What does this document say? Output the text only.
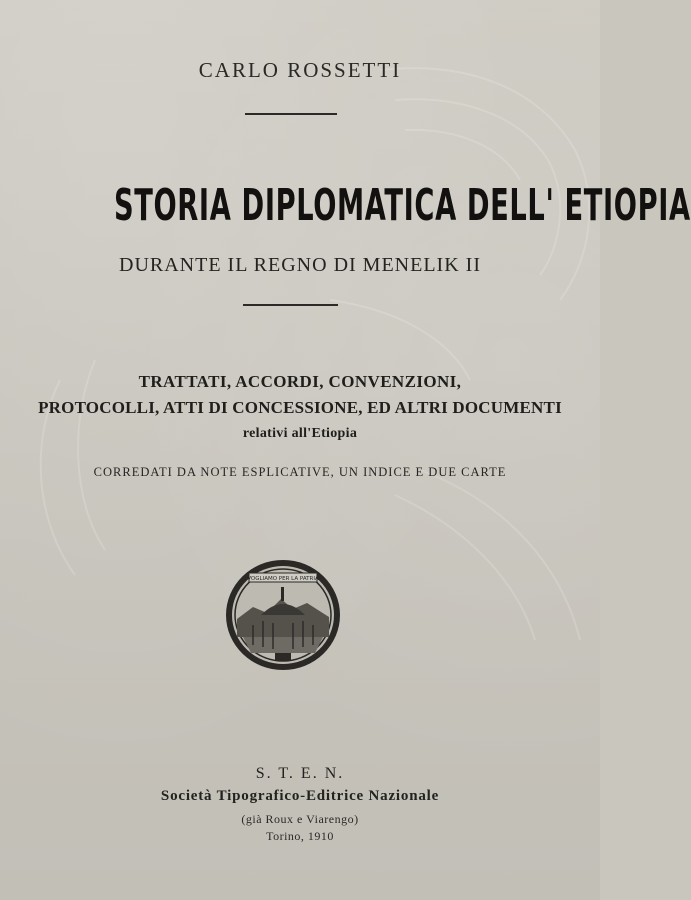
CARLO ROSSETTI
STORIA DIPLOMATICA DELL' ETIOPIA
DURANTE IL REGNO DI MENELIK II
TRATTATI, ACCORDI, CONVENZIONI,
PROTOCOLLI, ATTI DI CONCESSIONE, ED ALTRI DOCUMENTI
relativi all'Etiopia
CORREDATI DA NOTE ESPLICATIVE, UN INDICE E DUE CARTE
VOGLIAMO PER LA PATRIA
S. T. E. N.
Società Tipografico-Editrice Nazionale
(già Roux e Viarengo)
Torino, 1910
